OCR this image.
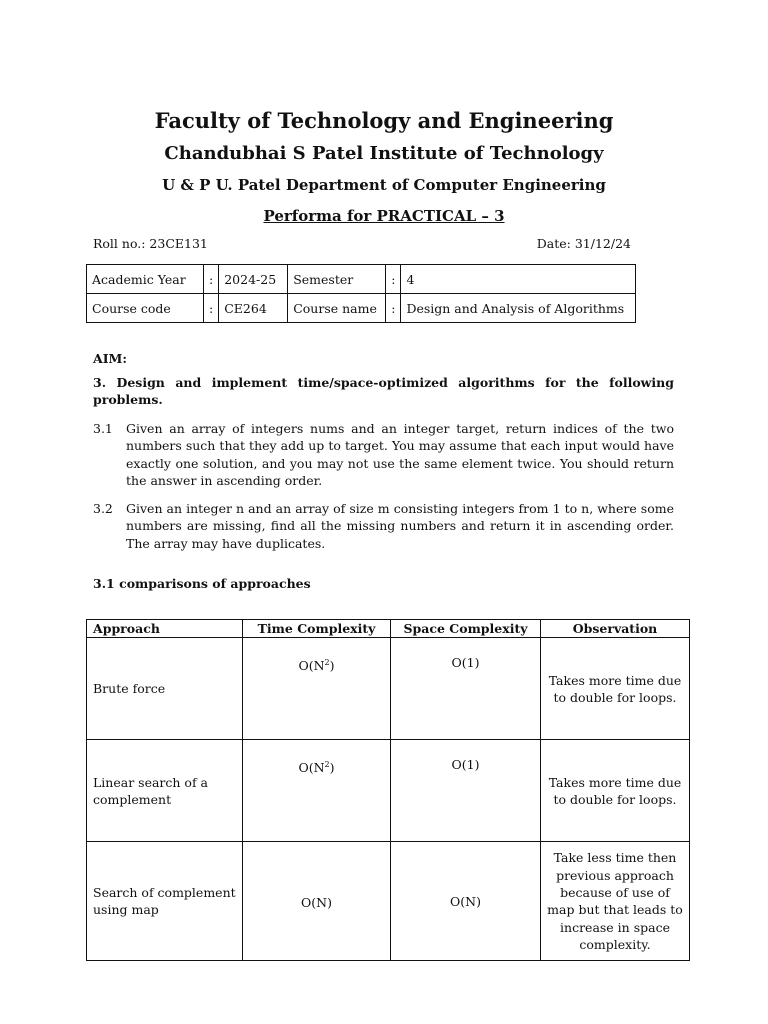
Faculty of Technology and Engineering
Chandubhai S Patel Institute of Technology
U & P U. Patel Department of Computer Engineering
Performa for PRACTICAL – 3
Roll no.: 23CE131	Date: 31/12/24
Academic Year	:	2024-25	Semester	:	4
Course code	:	CE264	Course name	:	Design and Analysis of Algorithms
AIM:
3. Design and implement time/space-optimized algorithms for the following problems.
3.1 Given an array of integers nums and an integer target, return indices of the two numbers such that they add up to target. You may assume that each input would have exactly one solution, and you may not use the same element twice. You should return the answer in ascending order.
3.2 Given an integer n and an array of size m consisting integers from 1 to n, where some numbers are missing, find all the missing numbers and return it in ascending order. The array may have duplicates.
3.1 comparisons of approaches
Approach	Time Complexity	Space Complexity	Observation
Brute force	$O(N^2)$	O(1)	Takes more time due to double for loops.
Linear search of a complement	$O(N^2)$	O(1)	Takes more time due to double for loops.
Search of complement using map	O(N)	O(N)	Take less time then previous approach because of use of map but that leads to increase in space complexity.
